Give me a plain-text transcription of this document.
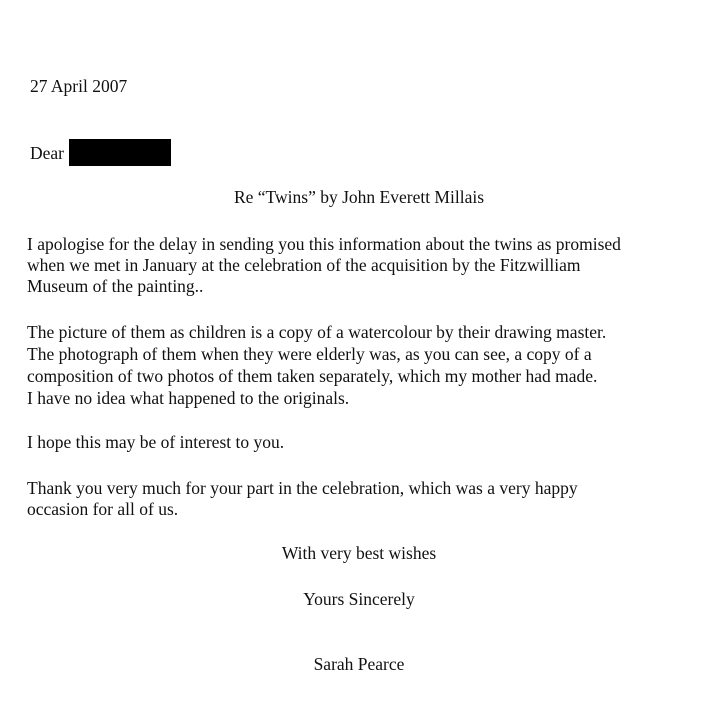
27 April 2007

Dear

Re “Twins” by John Everett Millais

I apologise for the delay in sending you this information about the twins as promised

when we met in January at the celebration of the acquisition by the Fitzwilliam

Museum of the painting..

The picture of them as children is a copy of a watercolour by their drawing master.

The photograph of them when they were elderly was, as you can see, a copy of a

composition of two photos of them taken separately, which my mother had made.

I have no idea what happened to the originals.

I hope this may be of interest to you.

Thank you very much for your part in the celebration, which was a very happy

occasion for all of us.

With very best wishes

Yours Sincerely

Sarah Pearce
